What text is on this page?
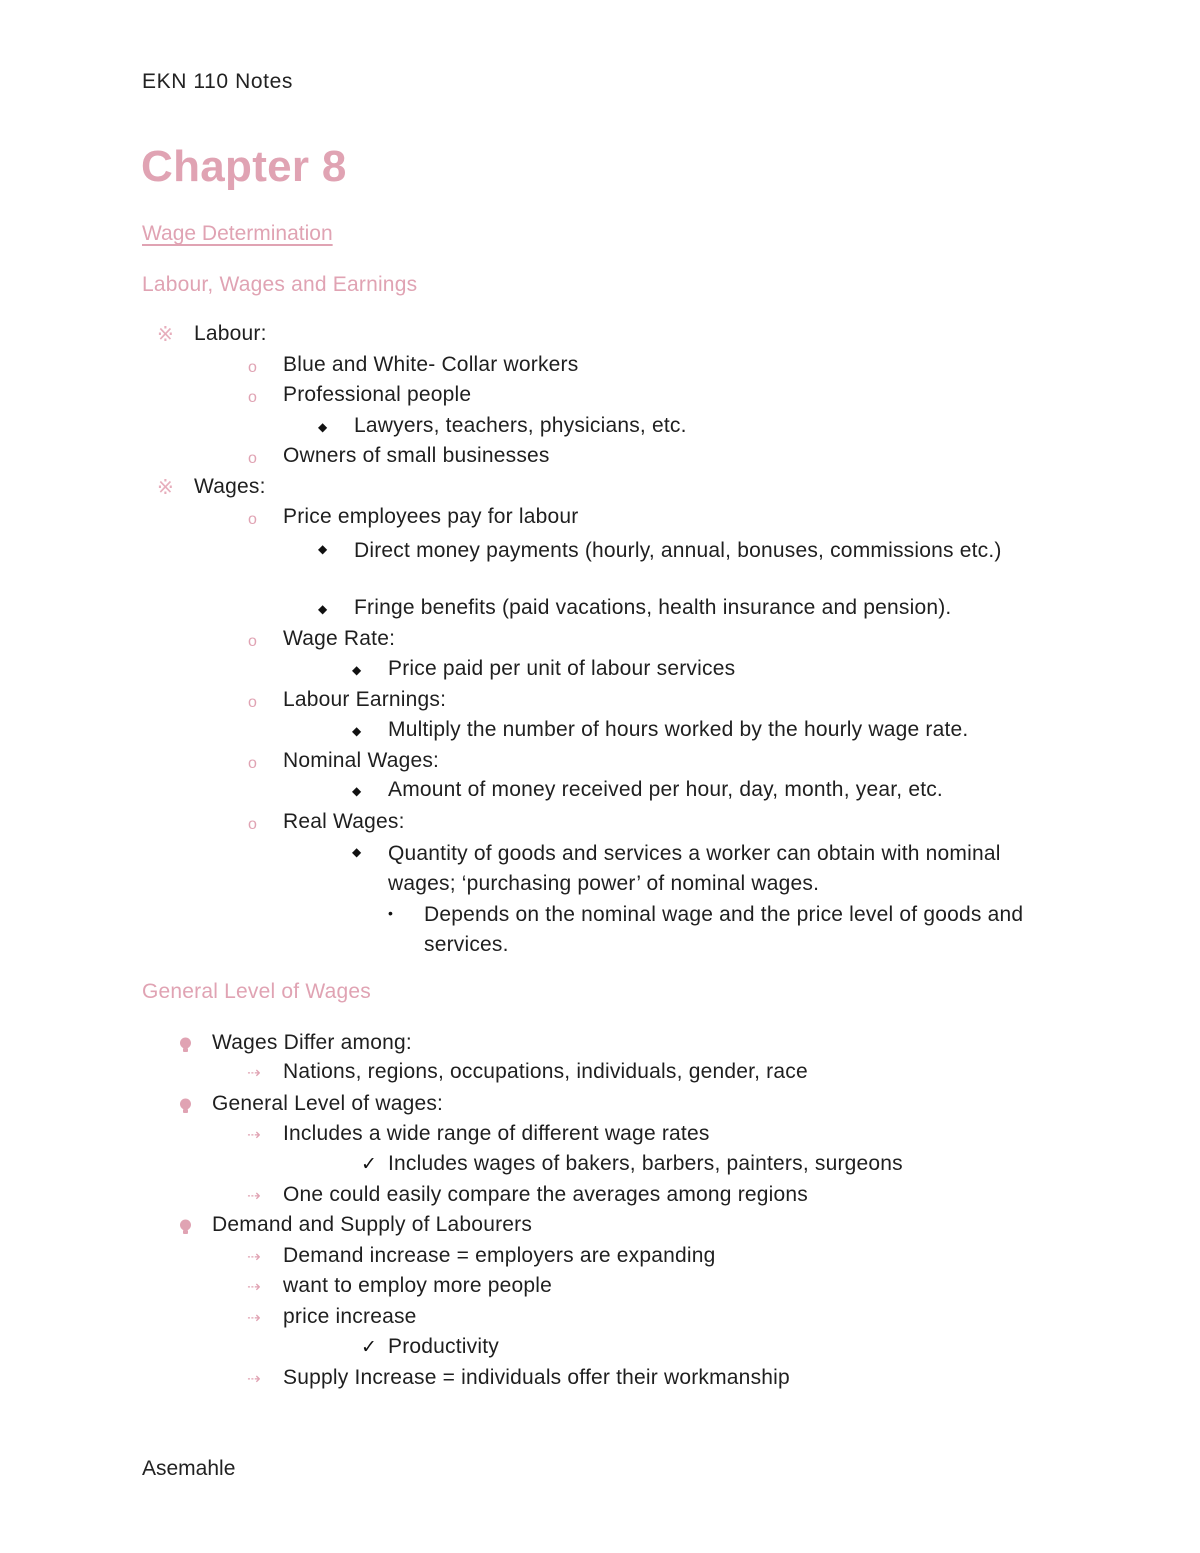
EKN 110 Notes
Chapter 8
Wage Determination
Labour, Wages and Earnings
※ Labour:
o Blue and White- Collar workers
o Professional people
◆ Lawyers, teachers, physicians, etc.
o Owners of small businesses
※ Wages:
o Price employees pay for labour
◆ Direct money payments (hourly, annual, bonuses, commissions etc.)
◆ Fringe benefits (paid vacations, health insurance and pension).
o Wage Rate:
◆ Price paid per unit of labour services
o Labour Earnings:
◆ Multiply the number of hours worked by the hourly wage rate.
o Nominal Wages:
◆ Amount of money received per hour, day, month, year, etc.
o Real Wages:
◆ Quantity of goods and services a worker can obtain with nominal wages; ‘purchasing power’ of nominal wages.
• Depends on the nominal wage and the price level of goods and services.
General Level of Wages
Wages Differ among:
⇢ Nations, regions, occupations, individuals, gender, race
General Level of wages:
⇢ Includes a wide range of different wage rates
✓ Includes wages of bakers, barbers, painters, surgeons
⇢ One could easily compare the averages among regions
Demand and Supply of Labourers
⇢ Demand increase = employers are expanding
⇢ want to employ more people
⇢ price increase
✓ Productivity
⇢ Supply Increase = individuals offer their workmanship
Asemahle
